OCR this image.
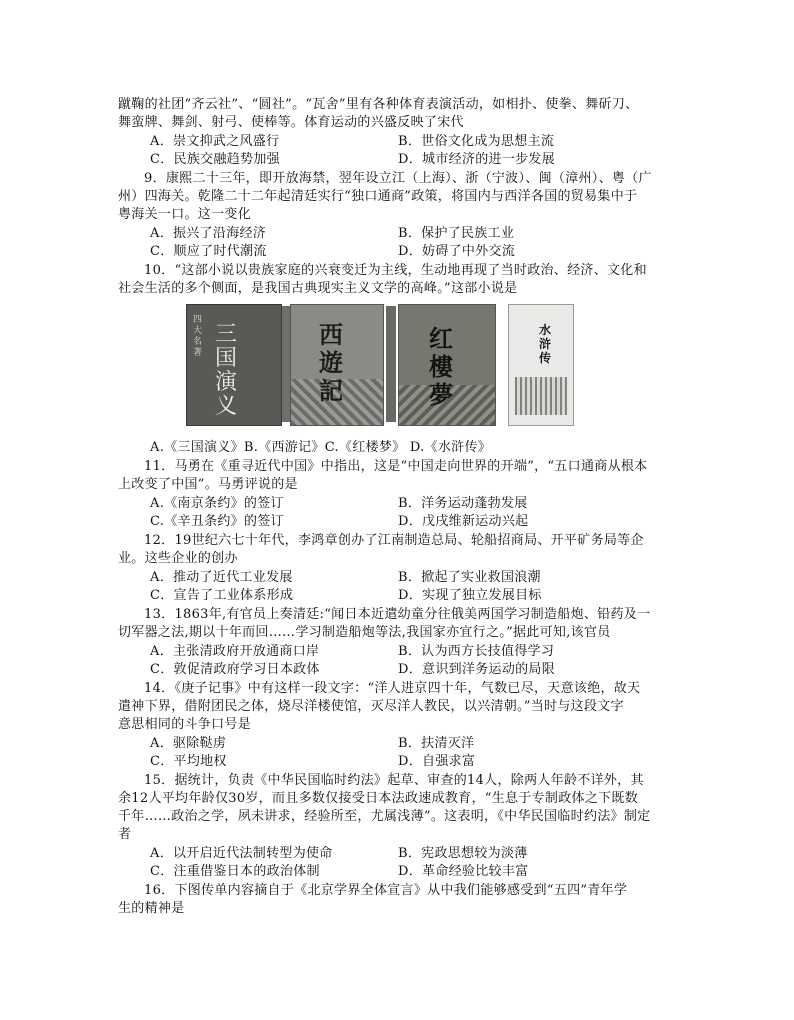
蹴鞠的社团“齐云社”、“圆社”。“瓦舍”里有各种体育表演活动，如相扑、使拳、舞斫刀、
舞蛮牌、舞剑、射弓、使棒等。体育运动的兴盛反映了宋代
A．崇文抑武之风盛行	B．世俗文化成为思想主流
C．民族交融趋势加强	D．城市经济的进一步发展
9．康熙二十三年，即开放海禁，翌年设立江（上海）、浙（宁波）、闽（漳州）、粤（广
州）四海关。乾隆二十二年起清廷实行“独口通商”政策，将国内与西洋各国的贸易集中于
粤海关一口。这一变化
A．振兴了沿海经济	B．保护了民族工业
C．顺应了时代潮流	D．妨碍了中外交流
10．“这部小说以贵族家庭的兴衰变迁为主线，生动地再现了当时政治、经济、文化和
社会生活的多个侧面，是我国古典现实主义文学的高峰。”这部小说是
四大名著
三国演义
西遊記
红樓夢
水浒传
A.《三国演义》B.《西游记》C.《红楼梦》 D.《水浒传》
11．马勇在《重寻近代中国》中指出，这是“中国走向世界的开端”，“五口通商从根本
上改变了中国”。马勇评说的是
A.《南京条约》的签订	B．洋务运动蓬勃发展
C.《辛丑条约》的签订	D．戊戌维新运动兴起
12．19世纪六七十年代，李鸿章创办了江南制造总局、轮船招商局、开平矿务局等企
业。这些企业的创办
A．推动了近代工业发展	B．掀起了实业救国浪潮
C．宣告了工业体系形成	D．实现了独立发展目标
13．1863年,有官员上奏清廷:“闻日本近遣幼童分往俄美两国学习制造船炮、铅药及一
切军器之法,期以十年而回……学习制造船炮等法,我国家亦宜行之。”据此可知,该官员
A．主张清政府开放通商口岸	B．认为西方长技值得学习
C．敦促清政府学习日本政体	D．意识到洋务运动的局限
14．《庚子记事》中有这样一段文字：“洋人进京四十年，气数已尽，天意该绝，故天
遣神下界，借附团民之体，烧尽洋楼使馆，灭尽洋人教民，以兴清朝。”当时与这段文字
意思相同的斗争口号是
A．驱除鞑虏	B．扶清灭洋
C．平均地权	D．自强求富
15．据统计，负责《中华民国临时约法》起草、审查的14人，除两人年龄不详外，其
余12人平均年龄仅30岁，而且多数仅接受日本法政速成教育，“生息于专制政体之下既数
千年……政治之学，夙未讲求，经验所至，尤属浅薄”。这表明，《中华民国临时约法》制定
者
A．以开启近代法制转型为使命	B．宪政思想较为淡薄
C．注重借鉴日本的政治体制	D．革命经验比较丰富
16．下图传单内容摘自于《北京学界全体宣言》从中我们能够感受到“五四”青年学
生的精神是
